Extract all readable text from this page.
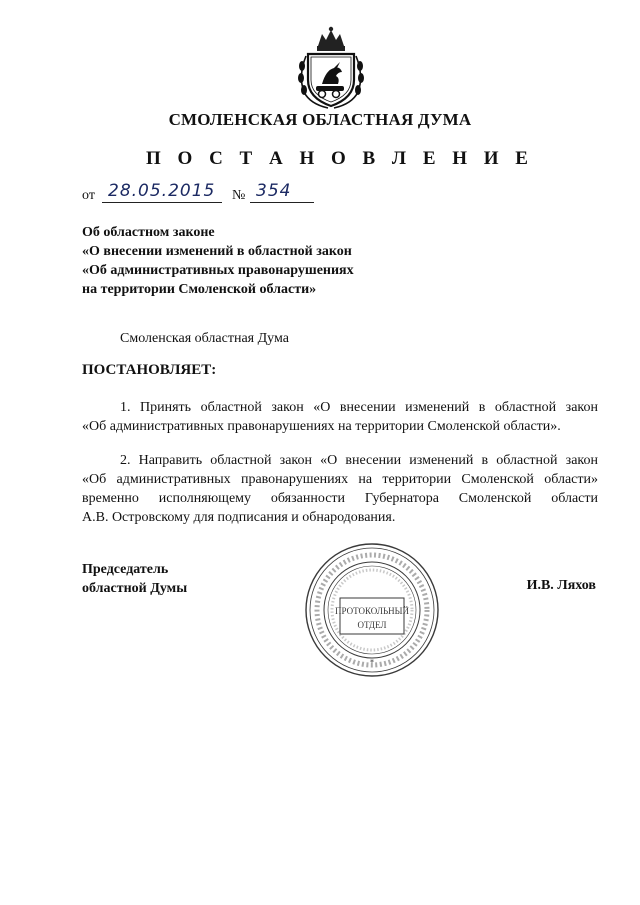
СМОЛЕНСКАЯ ОБЛАСТНАЯ ДУМА
П О С Т А Н О В Л Е Н И Е
от 28.05.2015 № 354
Об областном законе
«О внесении изменений в областной закон
«Об административных правонарушениях
на территории Смоленской области»
Смоленская областная Дума
ПОСТАНОВЛЯЕТ:
1. Принять областной закон «О внесении изменений в областной закон
«Об административных правонарушениях на территории Смоленской области».
2. Направить областной закон «О внесении изменений в областной закон
«Об административных правонарушениях на территории Смоленской области»
временно исполняющему обязанности Губернатора Смоленской области
А.В. Островскому для подписания и обнародования.
Председатель
областной Думы
*
ПРОТОКОЛЬНЫЙ
ОТДЕЛ
И.В. Ляхов
